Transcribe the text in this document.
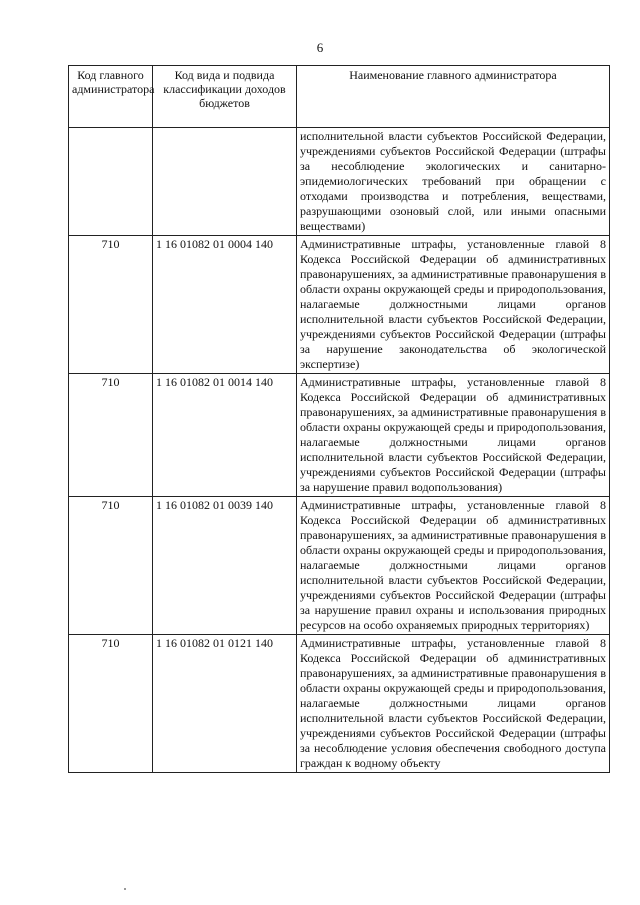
6
Код главного администратора	Код вида и подвида классификации доходов бюджетов	Наименование главного администратора
		исполнительной власти субъектов Российской Федерации, учреждениями субъектов Российской Федерации (штрафы за несоблюдение экологических и санитарно-эпидемиологических требований при обращении с отходами производства и потребления, веществами, разрушающими озоновый слой, или иными опасными веществами)
710	1 16 01082 01 0004 140	Административные штрафы, установленные главой 8 Кодекса Российской Федерации об административных правонарушениях, за административные правонарушения в области охраны окружающей среды и природопользования, налагаемые должностными лицами органов исполнительной власти субъектов Российской Федерации, учреждениями субъектов Российской Федерации (штрафы за нарушение законодательства об экологической экспертизе)
710	1 16 01082 01 0014 140	Административные штрафы, установленные главой 8 Кодекса Российской Федерации об административных правонарушениях, за административные правонарушения в области охраны окружающей среды и природопользования, налагаемые должностными лицами органов исполнительной власти субъектов Российской Федерации, учреждениями субъектов Российской Федерации (штрафы за нарушение правил водопользования)
710	1 16 01082 01 0039 140	Административные штрафы, установленные главой 8 Кодекса Российской Федерации об административных правонарушениях, за административные правонарушения в области охраны окружающей среды и природопользования, налагаемые должностными лицами органов исполнительной власти субъектов Российской Федерации, учреждениями субъектов Российской Федерации (штрафы за нарушение правил охраны и использования природных ресурсов на особо охраняемых природных территориях)
710	1 16 01082 01 0121 140	Административные штрафы, установленные главой 8 Кодекса Российской Федерации об административных правонарушениях, за административные правонарушения в области охраны окружающей среды и природопользования, налагаемые должностными лицами органов исполнительной власти субъектов Российской Федерации, учреждениями субъектов Российской Федерации (штрафы за несоблюдение условия обеспечения свободного доступа граждан к водному объекту
